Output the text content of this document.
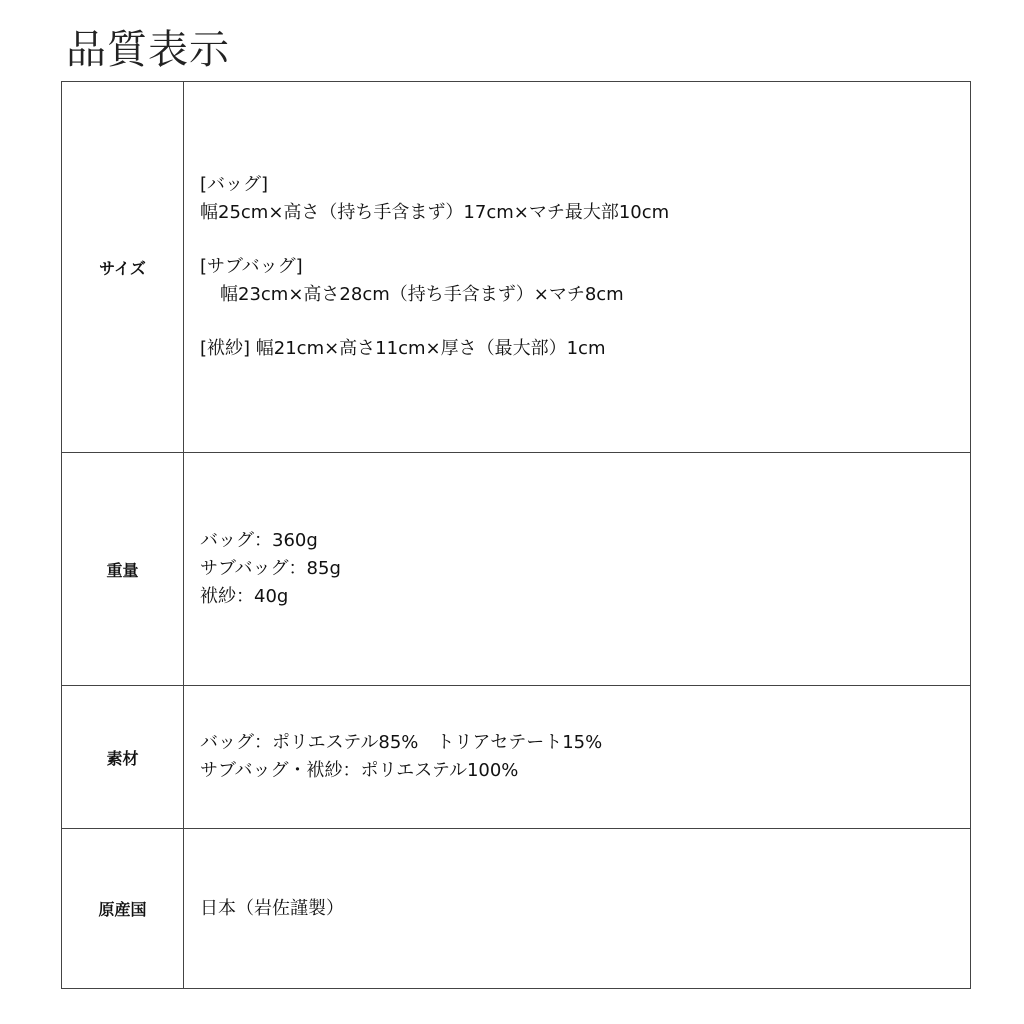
品質表示
サイズ	[バッグ]
幅25cm×高さ（持ち手含まず）17cm×マチ最大部10cm
[サブバッグ]
幅23cm×高さ28cm（持ち手含まず）×マチ8cm
[袱紗] 幅21cm×高さ11cm×厚さ（最大部）1cm

重量	バッグ：360g
サブバッグ：85g
袱紗：40g

素材	バッグ：ポリエステル85%　トリアセテート15%
サブバッグ・袱紗：ポリエステル100%

原産国	日本（岩佐謹製）
